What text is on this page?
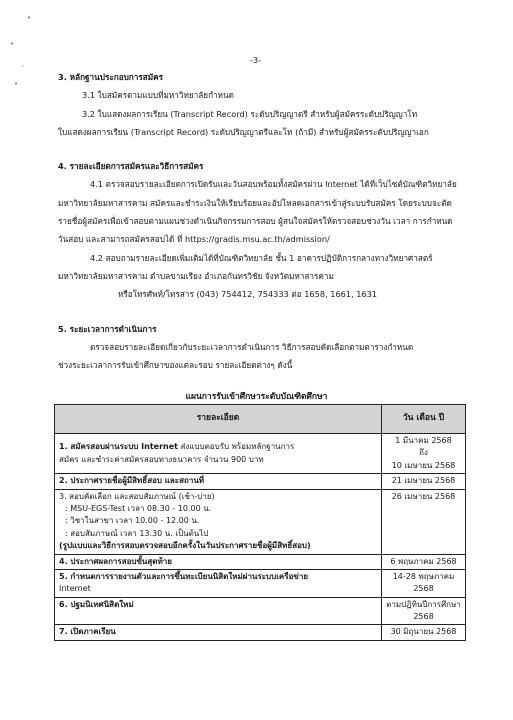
•
•
,
•
-3-
3. หลักฐานประกอบการสมัคร
3.1 ใบสมัครตามแบบที่มหาวิทยาลัยกำหนด
3.2 ใบแสดงผลการเรียน (Transcript Record) ระดับปริญญาตรี สำหรับผู้สมัครระดับปริญญาโท
ใบแสดงผลการเรียน (Transcript Record) ระดับปริญญาตรีและโท (ถ้ามี) สำหรับผู้สมัครระดับปริญญาเอก
4. รายละเอียดการสมัครและวิธีการสมัคร
4.1 ตรวจสอบรายละเอียดการเปิดรับและวันสอบพร้อมทั้งสมัครผ่าน Internet ได้ที่เว็บไซต์บัณฑิตวิทยาลัย
มหาวิทยาลัยมหาสารคาม สมัครและชำระเงินให้เรียบร้อยและอัปโหลดเอกสารเข้าสู่ระบบรับสมัคร โดยระบบจะตัด
รายชื่อผู้สมัครเพื่อเข้าสอบตามแผนช่วงดำเนินกิจกรรมการสอบ ผู้สนใจสมัครให้ตรวจสอบช่วงวัน เวลา การกำหนด
วันสอบ และสามารถสมัครสอบได้ ที่ https://gradis.msu.ac.th/admission/
4.2 สอบถามรายละเอียดเพิ่มเติมได้ที่บัณฑิตวิทยาลัย ชั้น 1 อาคารปฏิบัติการกลางทางวิทยาศาสตร์
มหาวิทยาลัยมหาสารคาม ตำบลขามเรียง อำเภอกันทรวิชัย จังหวัดมหาสารคาม
หรือโทรศัพท์/โทรสาร (043) 754412, 754333 ต่อ 1658, 1661, 1631
5. ระยะเวลาการดำเนินการ
ตรวจสอบรายละเอียดเกี่ยวกับระยะเวลาการดำเนินการ วิธีการสอบคัดเลือกตามตารางกำหนด
ช่วงระยะเวลาการรับเข้าศึกษาของแต่ละรอบ รายละเอียดต่างๆ ดังนี้
แผนการรับเข้าศึกษาระดับบัณฑิตศึกษา
รายละเอียด	วัน เดือน ปี
1. สมัครสอบผ่านระบบ Internet ส่งแบบตอบรับ พร้อมหลักฐานการ
สมัคร และชำระค่าสมัครสอบทางธนาคาร จำนวน 900 บาท	1 มีนาคม 2568
ถึง
10 เมษายน 2568

2. ประกาศรายชื่อผู้มีสิทธิ์สอบ และสถานที่	21 เมษายน 2568
3. สอบคัดเลือก และสอบสัมภาษณ์ (เช้า-บ่าย)
: MSU-EGS-Test เวลา 08.30 - 10.00 น.
: วิชาในสาขา เวลา 10.00 - 12.00 น.
: สอบสัมภาษณ์ เวลา 13.30 น. เป็นต้นไป
(รูปแบบและวิธีการสอบตรวจสอบอีกครั้งในวันประกาศรายชื่อผู้มีสิทธิ์สอบ)	26 เมษายน 2568
4. ประกาศผลการสอบขั้นสุดท้าย	6 พฤษภาคม 2568
5. กำหนดการรายงานตัวและการขึ้นทะเบียนนิสิตใหม่ผ่านระบบเครือข่าย
Internet	14-28 พฤษภาคม 2568
6. ปฐมนิเทศนิสิตใหม่	ตามปฏิทินปีการศึกษา 2568
7. เปิดภาคเรียน	30 มิถุนายน 2568
